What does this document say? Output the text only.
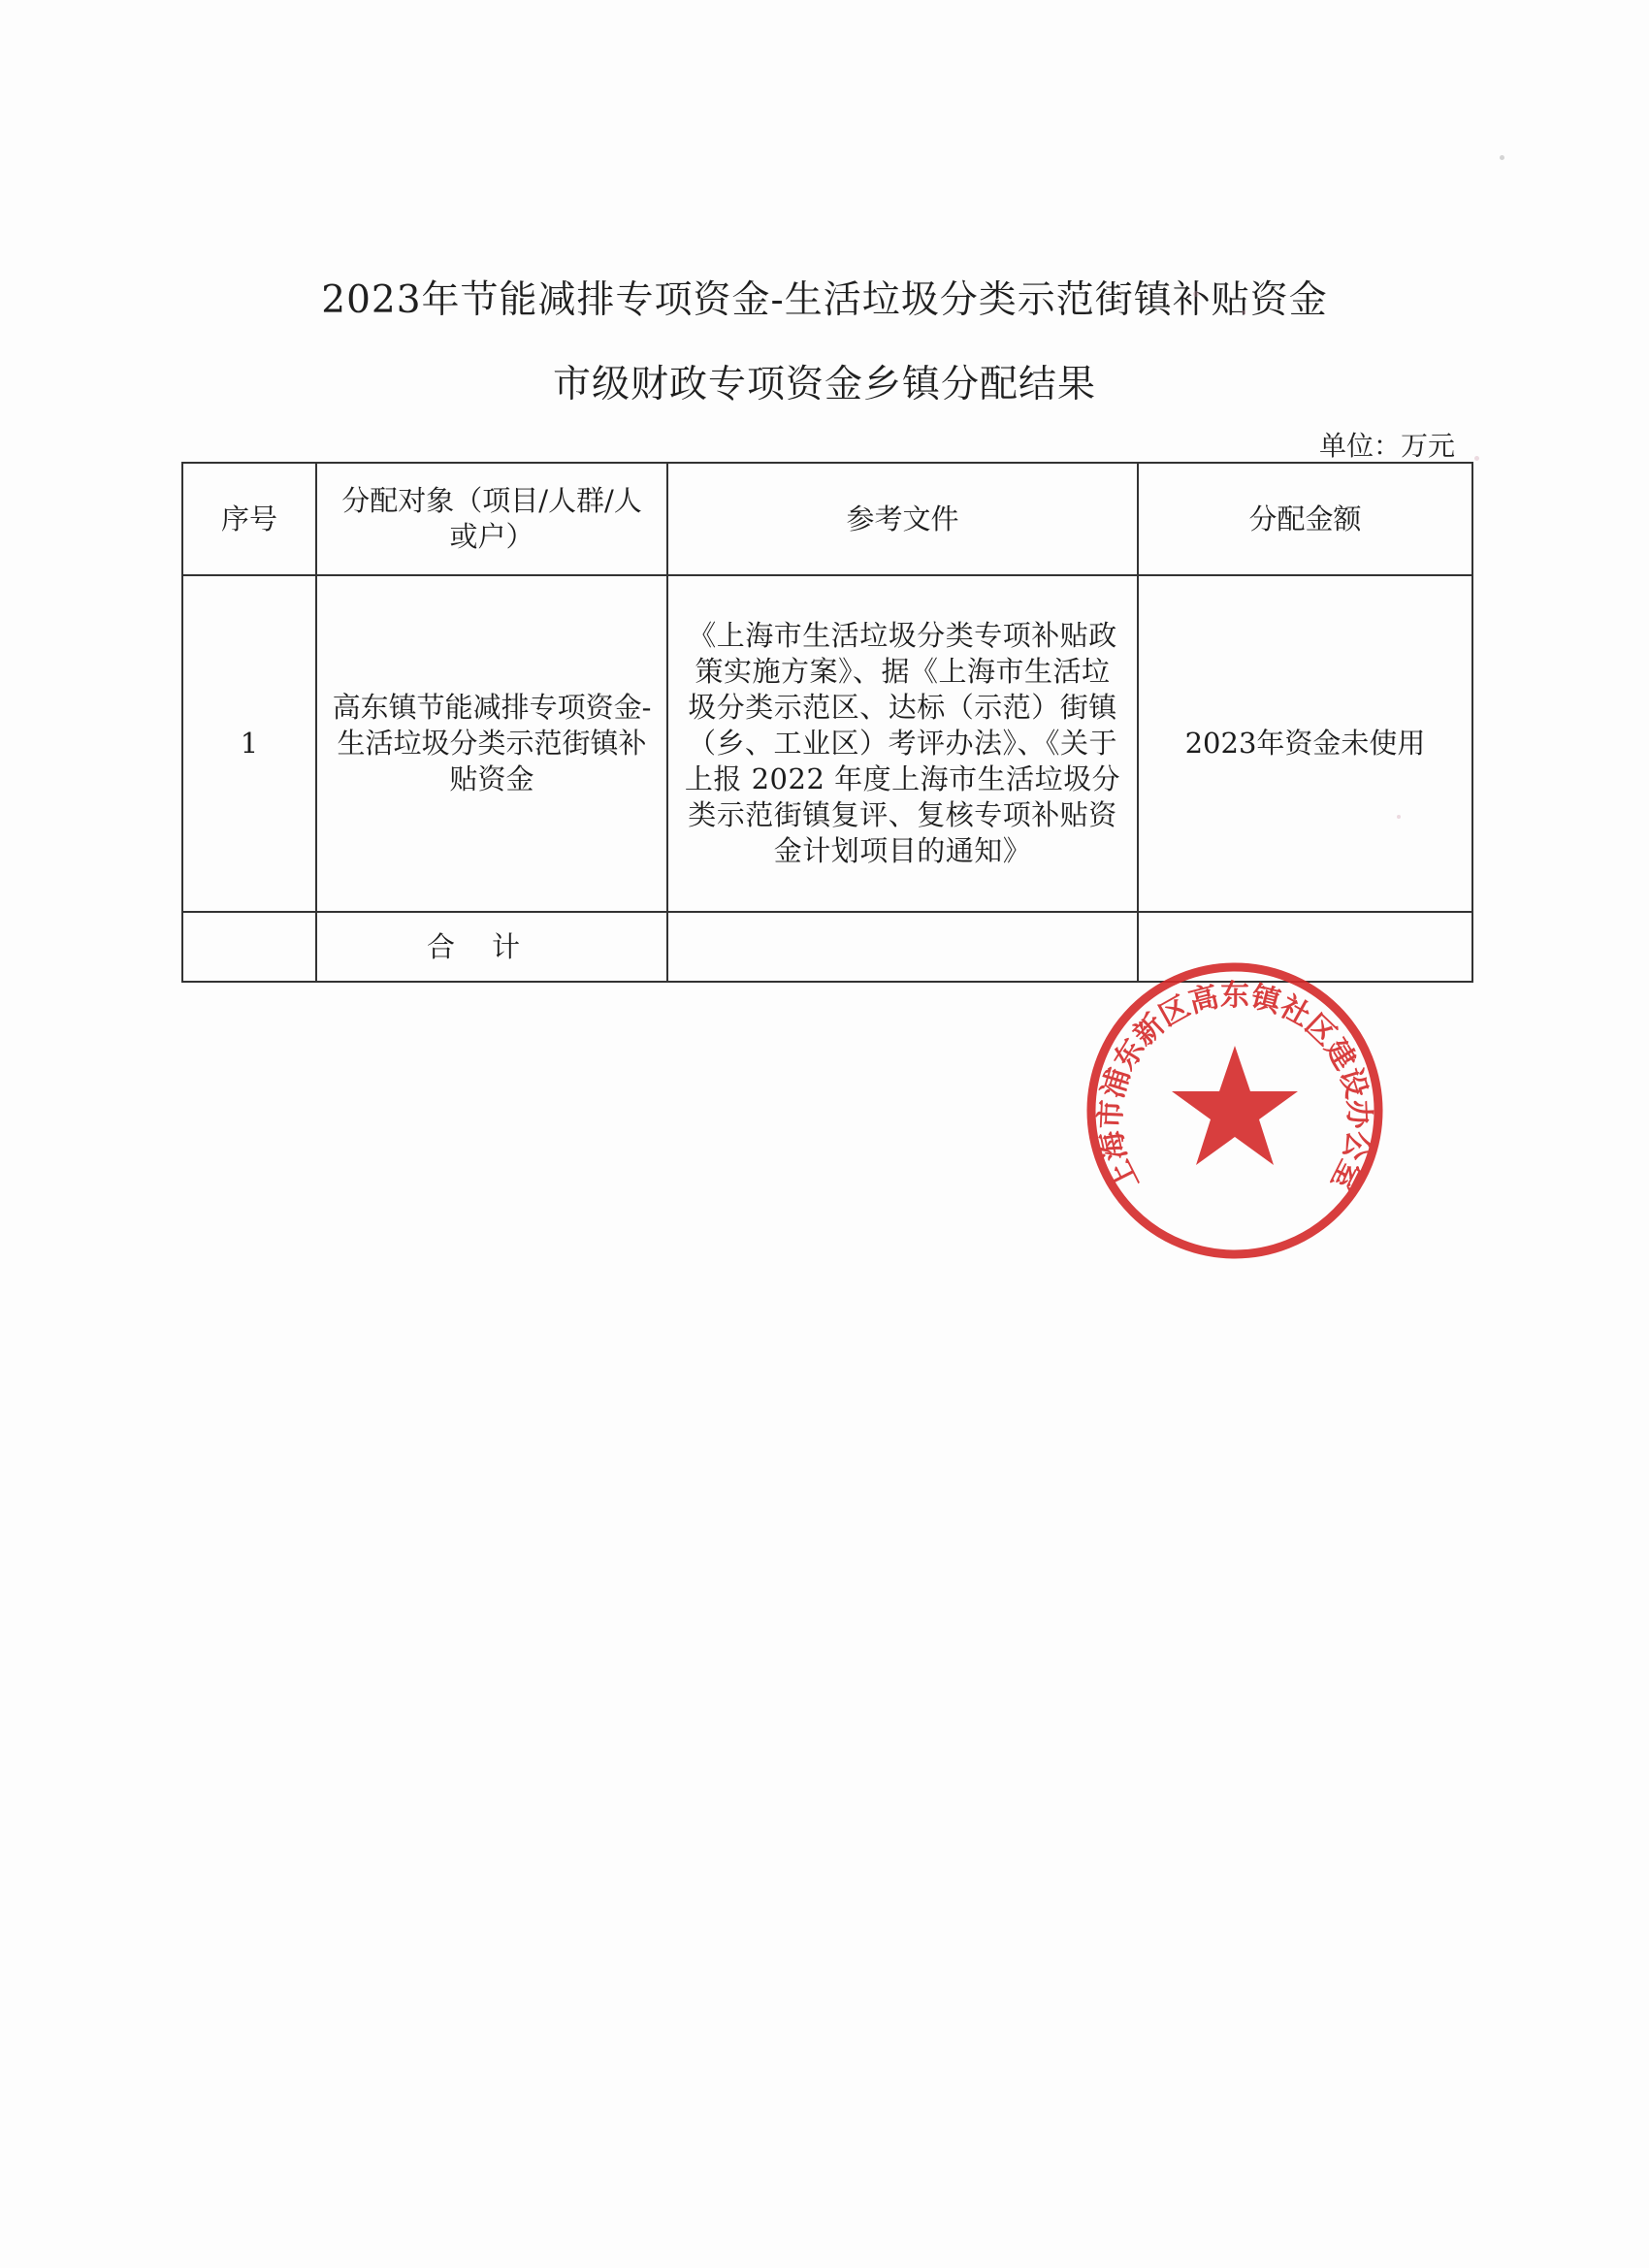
2023年节能减排专项资金-生活垃圾分类示范街镇补贴资金
市级财政专项资金乡镇分配结果
单位：万元
序号	分配对象（项目/人群/人或户）	参考文件	分配金额
1	高东镇节能减排专项资金-生活垃圾分类示范街镇补贴资金	《上海市生活垃圾分类专项补贴政策实施方案》、据《上海市生活垃圾分类示范区、达标（示范）街镇（乡、工业区）考评办法》、《关于上报 2022 年度上海市生活垃圾分类示范街镇复评、复核专项补贴资金计划项目的通知》	2023年资金未使用
	合计		
上海市浦东新区高东镇社区建设办公室
